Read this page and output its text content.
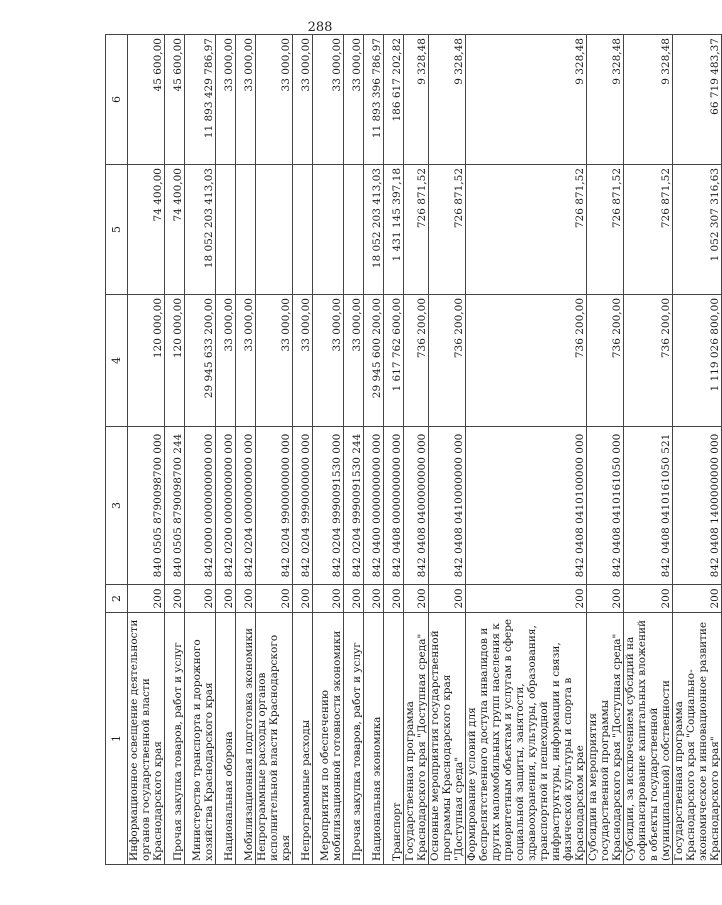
288
1	2	3	4	5	6
Информационное освещение деятельности органов государственной власти Краснодарского края	200	840 0505 8790098700 000	120 000,00	74 400,00	45 600,00
Прочая закупка товаров, работ и услуг	200	840 0505 8790098700 244	120 000,00	74 400,00	45 600,00
Министерство транспорта и дорожного хозяйства Краснодарского края	200	842 0000 0000000000 000	29 945 633 200,00	18 052 203 413,03	11 893 429 786,97
Национальная оборона	200	842 0200 0000000000 000	33 000,00		33 000,00
Мобилизационная подготовка экономики	200	842 0204 0000000000 000	33 000,00		33 000,00
Непрограммные расходы органов исполнительной власти Краснодарского края	200	842 0204 9900000000 000	33 000,00		33 000,00
Непрограммные расходы	200	842 0204 9990000000 000	33 000,00		33 000,00
Мероприятия по обеспечению мобилизационной готовности экономики	200	842 0204 9990091530 000	33 000,00		33 000,00
Прочая закупка товаров, работ и услуг	200	842 0204 9990091530 244	33 000,00		33 000,00
Национальная экономика	200	842 0400 0000000000 000	29 945 600 200,00	18 052 203 413,03	11 893 396 786,97
Транспорт	200	842 0408 0000000000 000	1 617 762 600,00	1 431 145 397,18	186 617 202,82
Государственная программа Краснодарского края "Доступная среда"	200	842 0408 0400000000 000	736 200,00	726 871,52	9 328,48
Основные мероприятия государственной программы Краснодарского края "Доступная среда"	200	842 0408 0410000000 000	736 200,00	726 871,52	9 328,48
Формирование условий для беспрепятственного доступа инвалидов и других маломобильных групп населения к приоритетным объектам и услугам в сфере социальной защиты, занятости, здравоохранения, культуры, образования, транспортной и пешеходной инфраструктуры, информации и связи, физической культуры и спорта в Краснодарском крае	200	842 0408 0410100000 000	736 200,00	726 871,52	9 328,48
Субсидии на мероприятия государственной программы Краснодарского края "Доступная среда"	200	842 0408 0410161050 000	736 200,00	726 871,52	9 328,48
Субсидии, за исключением субсидий на софинансирование капитальных вложений в объекты государственной (муниципальной) собственности	200	842 0408 0410161050 521	736 200,00	726 871,52	9 328,48
Государственная программа Краснодарского края "Социально-экономическое и инновационное развитие Краснодарского края"	200	842 0408 1400000000 000	1 119 026 800,00	1 052 307 316,63	66 719 483,37
